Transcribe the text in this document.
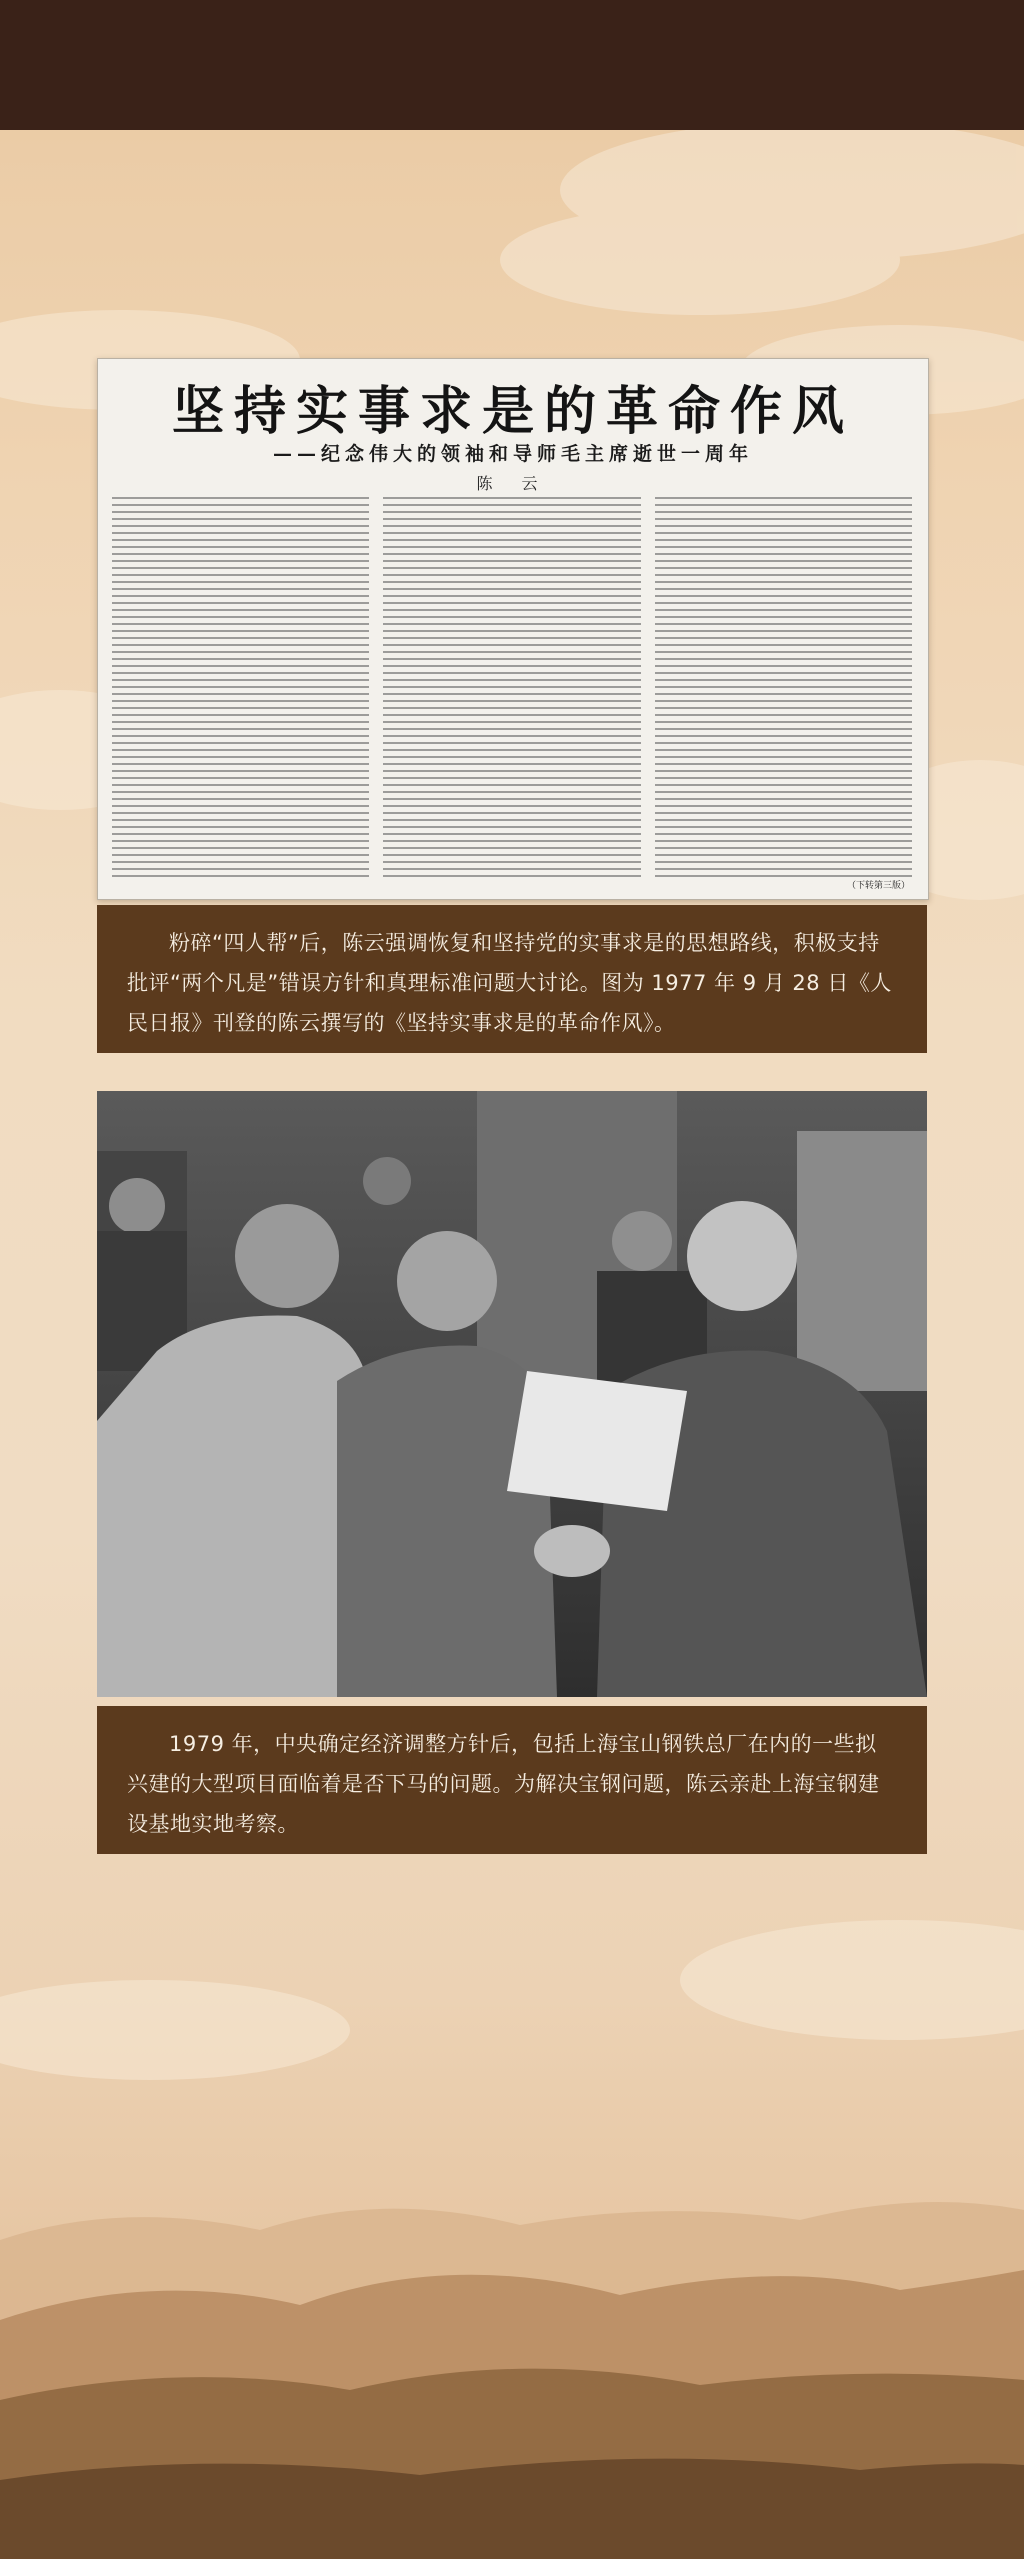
坚持实事求是的革命作风
——纪念伟大的领袖和导师毛主席逝世一周年
陈 云
（下转第三版）

粉碎“四人帮”后，陈云强调恢复和坚持党的实事求是的思想路线，积极支持批评“两个凡是”错误方针和真理标准问题大讨论。图为 1977 年 9 月 28 日《人民日报》刊登的陈云撰写的《坚持实事求是的革命作风》。

1979 年，中央确定经济调整方针后，包括上海宝山钢铁总厂在内的一些拟兴建的大型项目面临着是否下马的问题。为解决宝钢问题，陈云亲赴上海宝钢建设基地实地考察。
